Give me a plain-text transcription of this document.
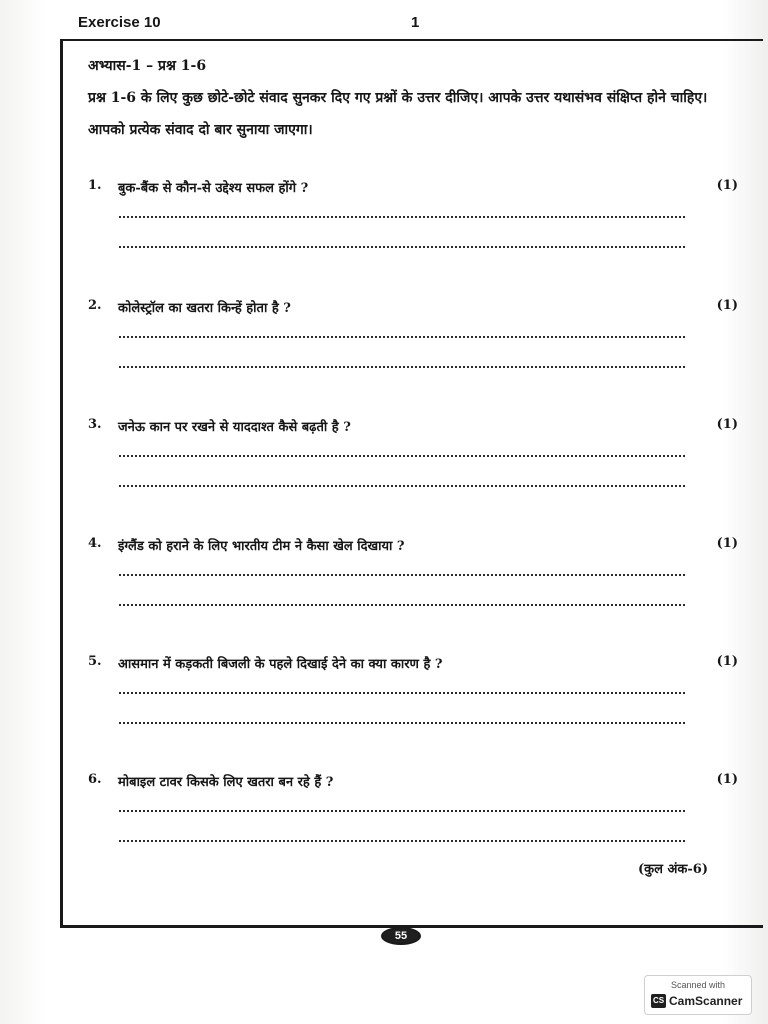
Exercise 10	1
अभ्यास-1 – प्रश्न 1-6
प्रश्न 1-6 के लिए कुछ छोटे-छोटे संवाद सुनकर दिए गए प्रश्नों के उत्तर दीजिए। आपके उत्तर यथासंभव संक्षिप्त होने चाहिए। आपको प्रत्येक संवाद दो बार सुनाया जाएगा।
1. बुक-बैंक से कौन-से उद्देश्य सफल होंगे ?	(1)
2. कोलेस्ट्रॉल का खतरा किन्हें होता है ?	(1)
3. जनेऊ कान पर रखने से याददाश्त कैसे बढ़ती है ?	(1)
4. इंग्लैंड को हराने के लिए भारतीय टीम ने कैसा खेल दिखाया ?	(1)
5. आसमान में कड़कती बिजली के पहले दिखाई देने का क्या कारण है ?	(1)
6. मोबाइल टावर किसके लिए खतरा बन रहे हैं ?	(1)
(कुल अंक-6)
55
Scanned with
CS CamScanner
